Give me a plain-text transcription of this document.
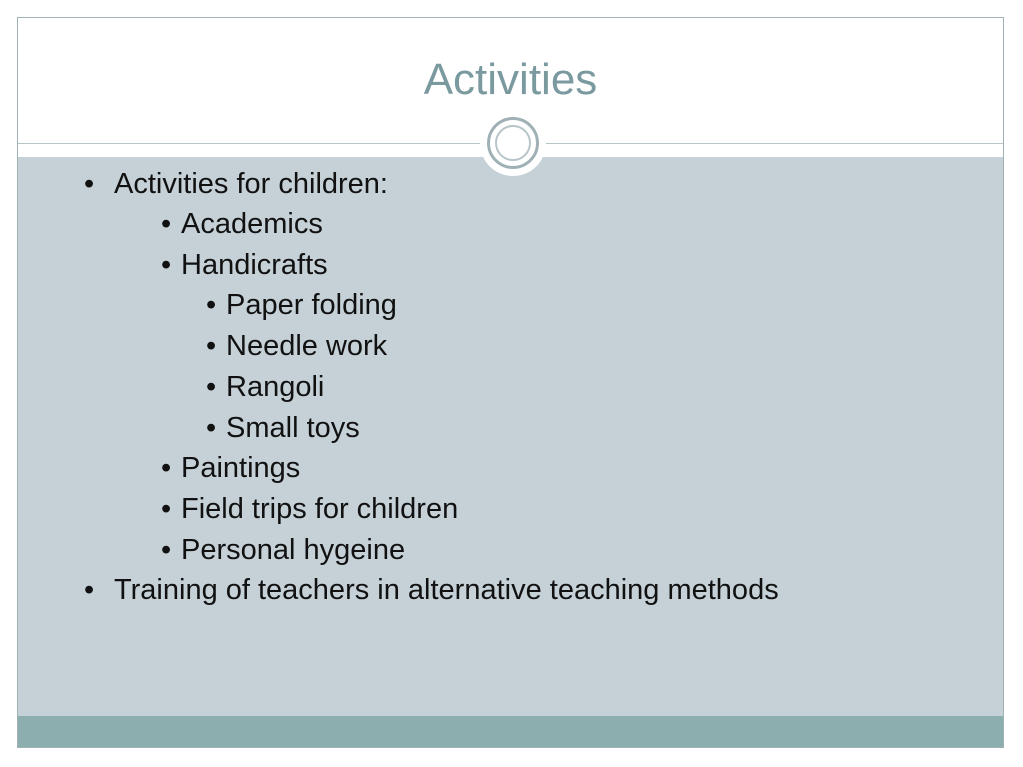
Activities
• Activities for children:
• Academics
• Handicrafts
• Paper folding
• Needle work
• Rangoli
• Small toys
• Paintings
• Field trips for children
• Personal hygeine
• Training of teachers in alternative teaching methods
